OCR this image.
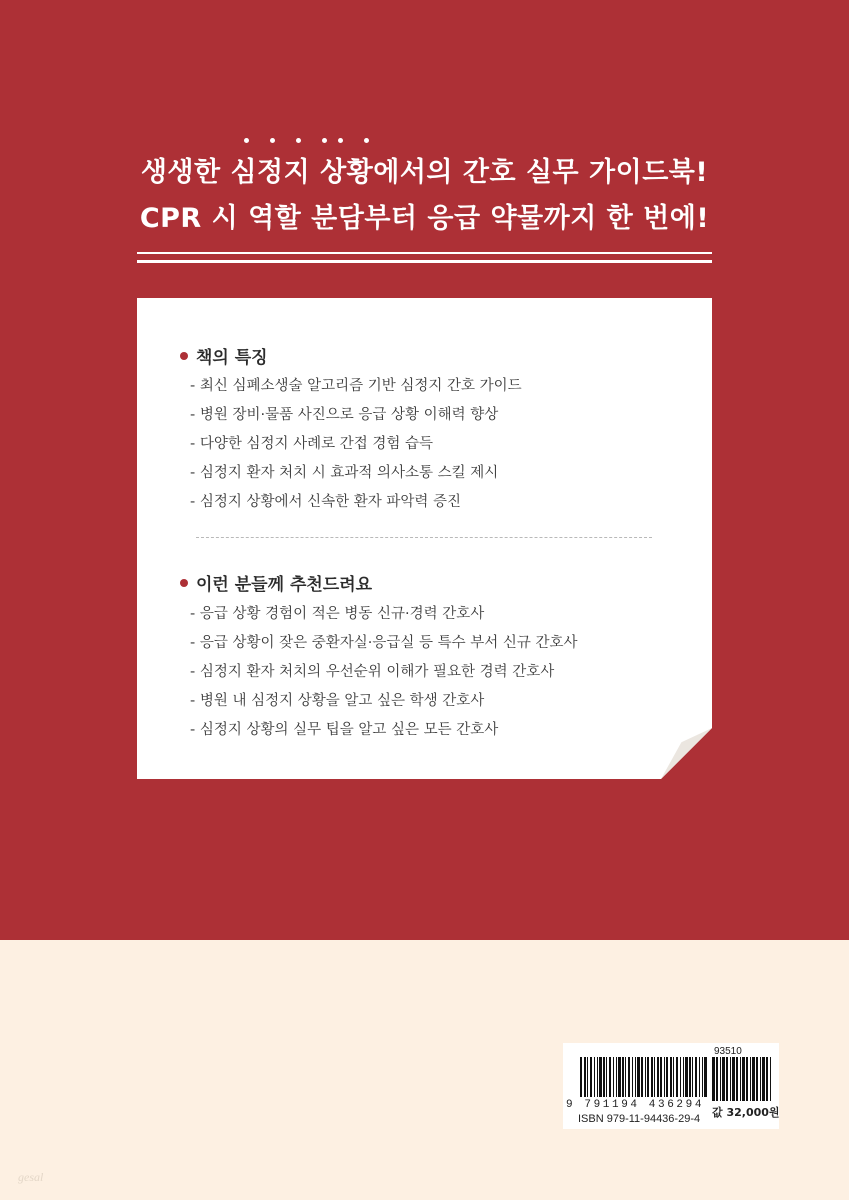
생생한 심정지 상황에서의 간호 실무 가이드북!
CPR 시 역할 분담부터 응급 약물까지 한 번에!
책의 특징
- 최신 심폐소생술 알고리즘 기반 심정지 간호 가이드
- 병원 장비·물품 사진으로 응급 상황 이해력 향상
- 다양한 심정지 사례로 간접 경험 습득
- 심정지 환자 처치 시 효과적 의사소통 스킬 제시
- 심정지 상황에서 신속한 환자 파악력 증진
이런 분들께 추천드려요
- 응급 상황 경험이 적은 병동 신규·경력 간호사
- 응급 상황이 잦은 중환자실·응급실 등 특수 부서 신규 간호사
- 심정지 환자 처치의 우선순위 이해가 필요한 경력 간호사
- 병원 내 심정지 상황을 알고 싶은 학생 간호사
- 심정지 상황의 실무 팁을 알고 싶은 모든 간호사
93510
9 791194 436294
ISBN 979-11-94436-29-4 값 32,000원
gesal
